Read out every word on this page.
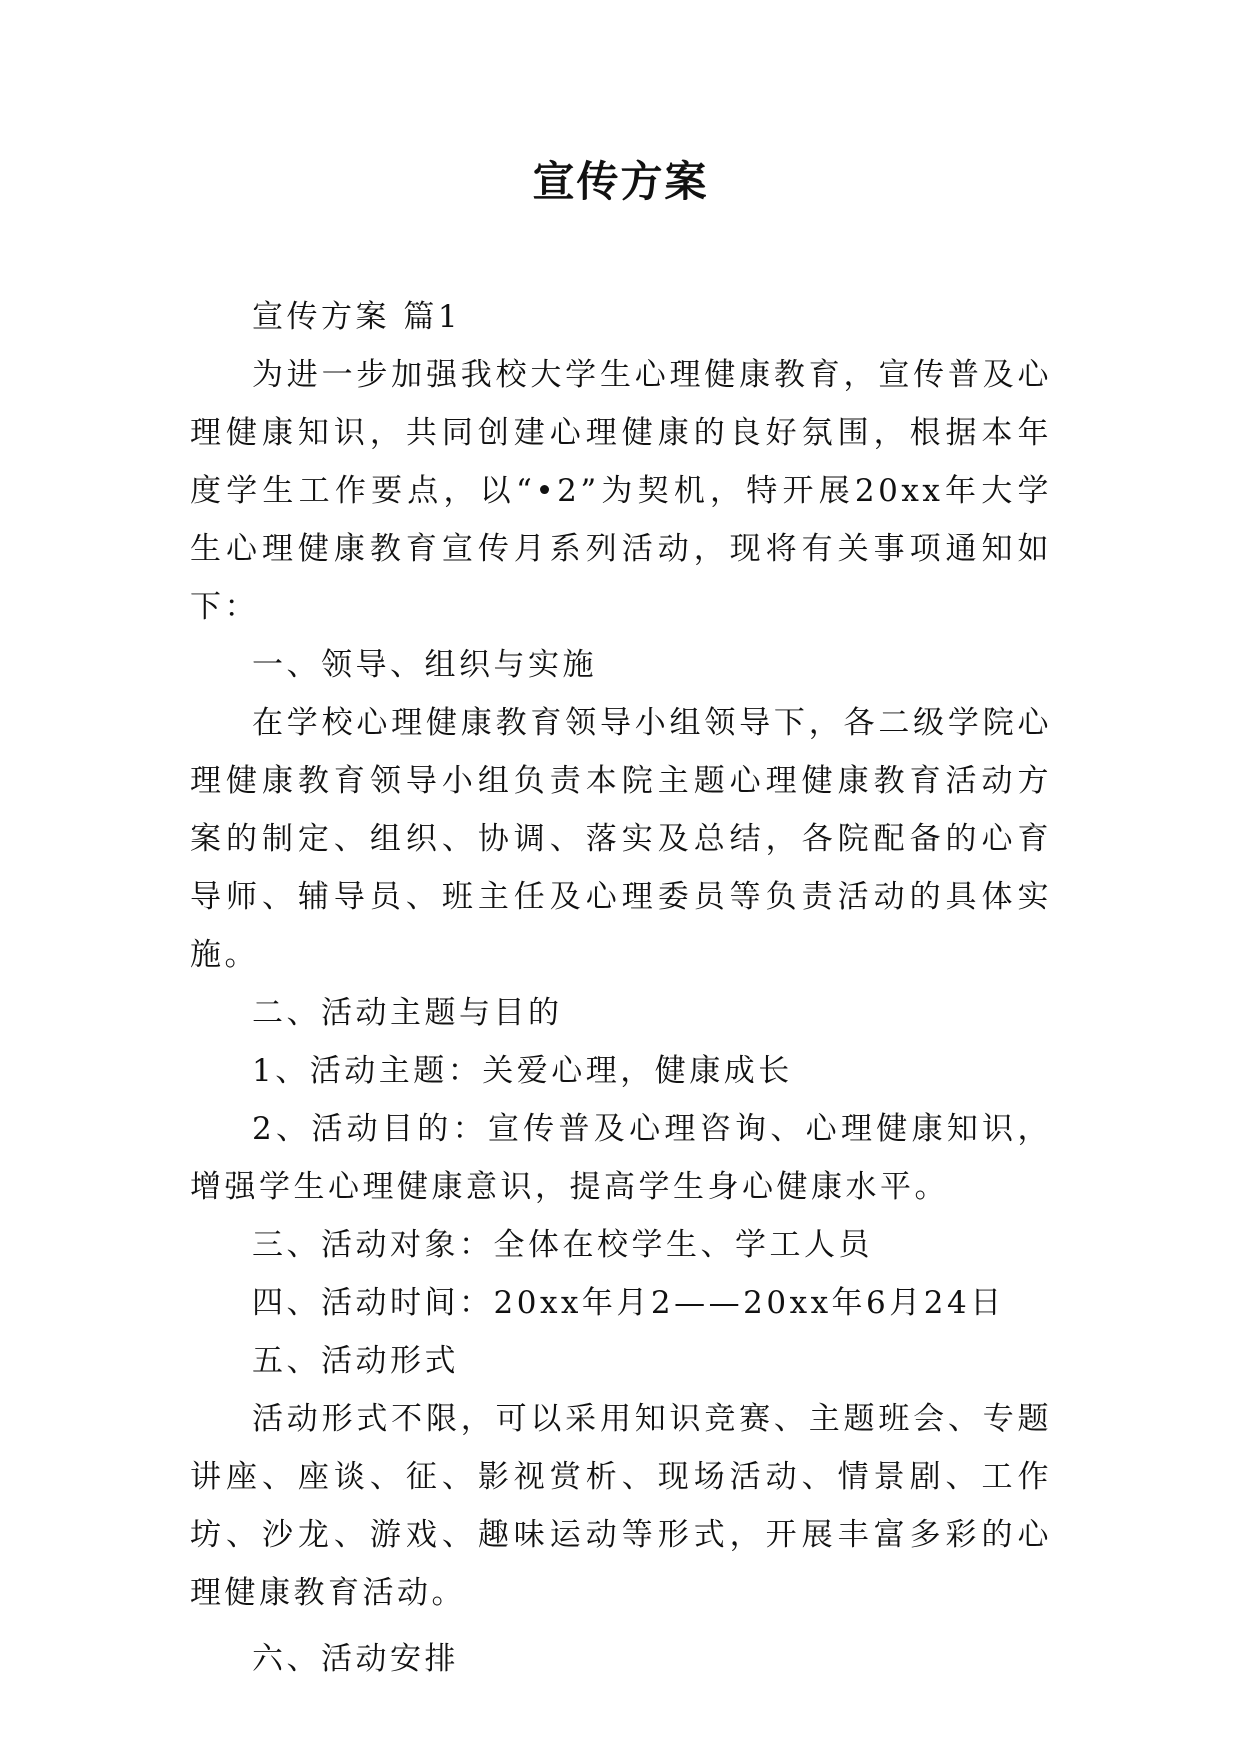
宣传方案

宣传方案 篇1

为进一步加强我校大学生心理健康教育，宣传普及心理健康知识，共同创建心理健康的良好氛围，根据本年度学生工作要点，以“•2”为契机，特开展20xx年大学生心理健康教育宣传月系列活动，现将有关事项通知如下：

一、领导、组织与实施

在学校心理健康教育领导小组领导下，各二级学院心理健康教育领导小组负责本院主题心理健康教育活动方案的制定、组织、协调、落实及总结，各院配备的心育导师、辅导员、班主任及心理委员等负责活动的具体实施。

二、活动主题与目的

1、活动主题：关爱心理，健康成长

2、活动目的：宣传普及心理咨询、心理健康知识，增强学生心理健康意识，提高学生身心健康水平。

三、活动对象：全体在校学生、学工人员

四、活动时间：20xx年月2——20xx年6月24日

五、活动形式

活动形式不限，可以采用知识竞赛、主题班会、专题讲座、座谈、征、影视赏析、现场活动、情景剧、工作坊、沙龙、游戏、趣味运动等形式，开展丰富多彩的心理健康教育活动。

六、活动安排
